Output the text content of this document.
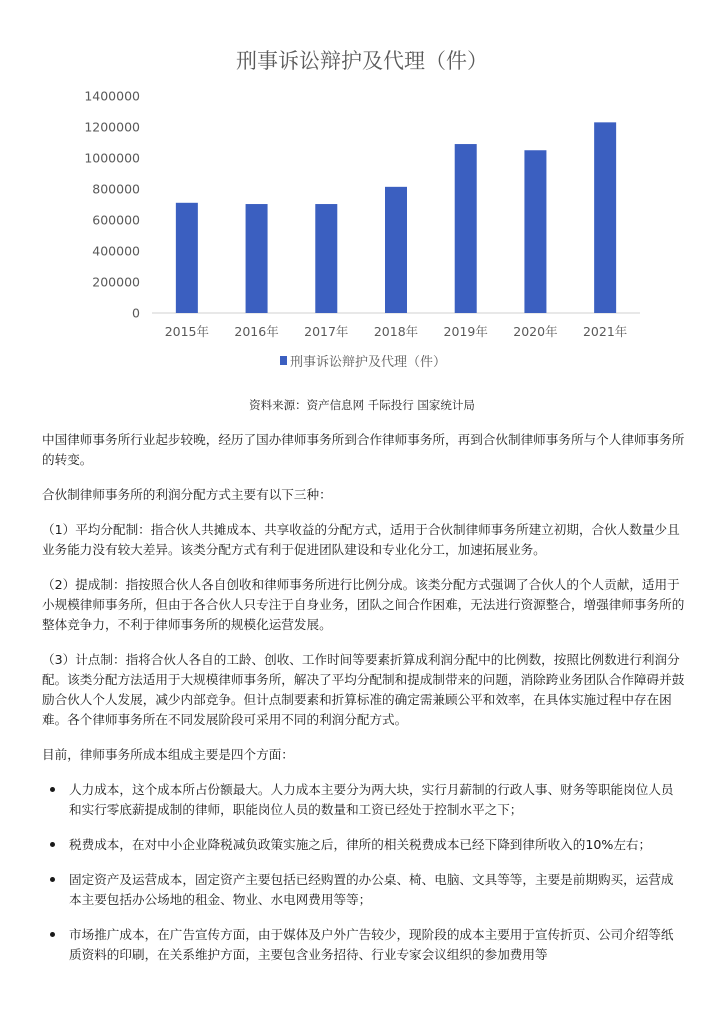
刑事诉讼辩护及代理（件）
0
200000
400000
600000
800000
1000000
1200000
1400000
2015年 2016年 2017年 2018年 2019年 2020年 2021年
刑事诉讼辩护及代理（件）
资料来源：资产信息网 千际投行 国家统计局

中国律师事务所行业起步较晚，经历了国办律师事务所到合作律师事务所，再到合伙制律师事务所与个人律师事务所的转变。

合伙制律师事务所的利润分配方式主要有以下三种：

（1）平均分配制：指合伙人共摊成本、共享收益的分配方式，适用于合伙制律师事务所建立初期，合伙人数量少且业务能力没有较大差异。该类分配方式有利于促进团队建设和专业化分工，加速拓展业务。

（2）提成制：指按照合伙人各自创收和律师事务所进行比例分成。该类分配方式强调了合伙人的个人贡献，适用于小规模律师事务所，但由于各合伙人只专注于自身业务，团队之间合作困难，无法进行资源整合，增强律师事务所的整体竞争力，不利于律师事务所的规模化运营发展。

（3）计点制：指将合伙人各自的工龄、创收、工作时间等要素折算成利润分配中的比例数，按照比例数进行利润分配。该类分配方法适用于大规模律师事务所，解决了平均分配制和提成制带来的问题，消除跨业务团队合作障碍并鼓励合伙人个人发展，减少内部竞争。但计点制要素和折算标准的确定需兼顾公平和效率，在具体实施过程中存在困难。各个律师事务所在不同发展阶段可采用不同的利润分配方式。

目前，律师事务所成本组成主要是四个方面：

人力成本，这个成本所占份额最大。人力成本主要分为两大块，实行月薪制的行政人事、财务等职能岗位人员和实行零底薪提成制的律师，职能岗位人员的数量和工资已经处于控制水平之下；
税费成本，在对中小企业降税减负政策实施之后，律所的相关税费成本已经下降到律所收入的10%左右；
固定资产及运营成本，固定资产主要包括已经购置的办公桌、椅、电脑、文具等等，主要是前期购买，运营成本主要包括办公场地的租金、物业、水电网费用等等；
市场推广成本，在广告宣传方面，由于媒体及户外广告较少，现阶段的成本主要用于宣传折页、公司介绍等纸质资料的印刷，在关系维护方面，主要包含业务招待、行业专家会议组织的参加费用等
